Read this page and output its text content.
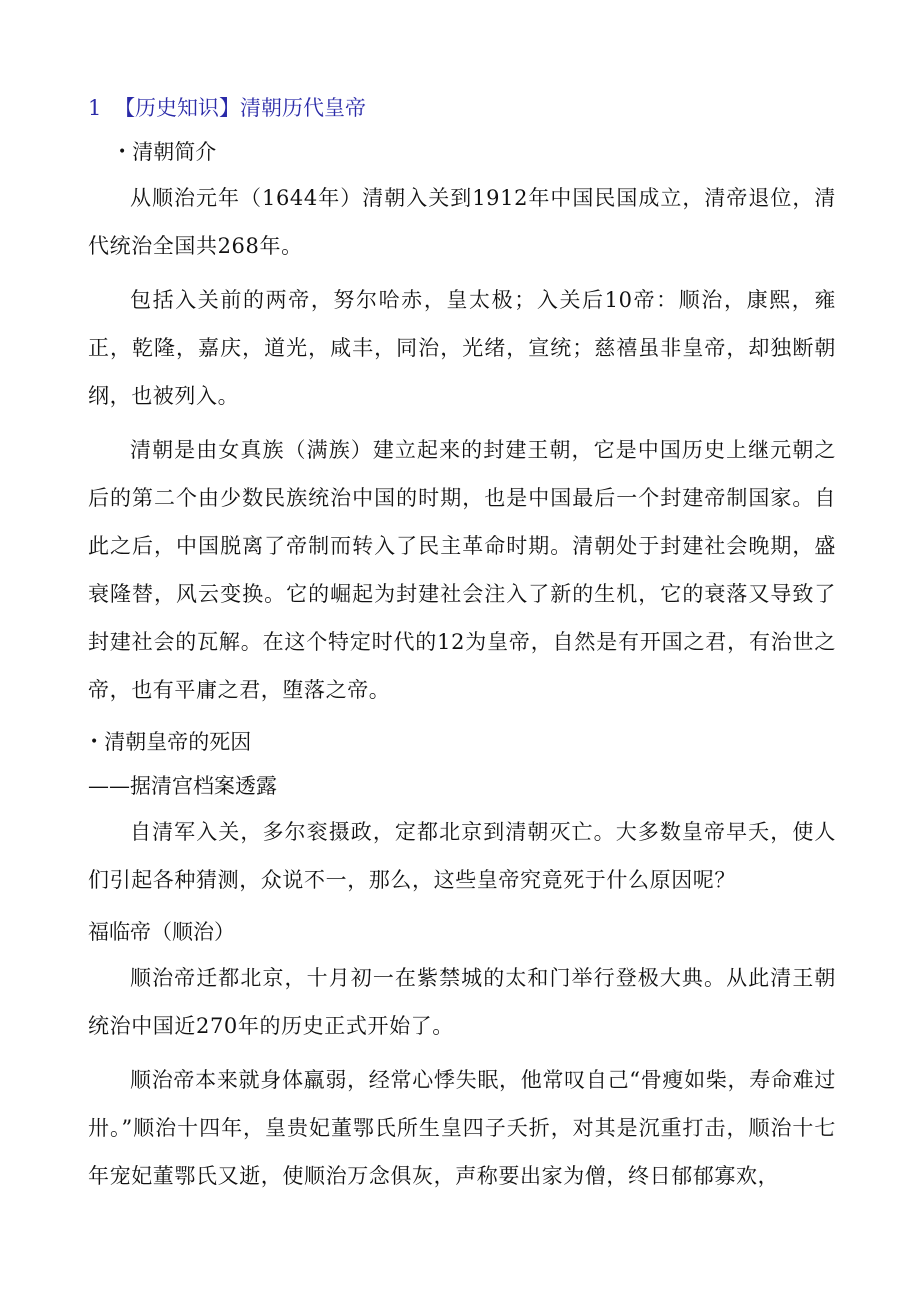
1 【历史知识】清朝历代皇帝
• 清朝简介

从顺治元年（1644年）清朝入关到1912年中国民国成立，清帝退位，清代统治全国共268年。

包括入关前的两帝，努尔哈赤，皇太极；入关后10帝：顺治，康熙，雍正，乾隆，嘉庆，道光，咸丰，同治，光绪，宣统；慈禧虽非皇帝，却独断朝纲，也被列入。

清朝是由女真族（满族）建立起来的封建王朝，它是中国历史上继元朝之后的第二个由少数民族统治中国的时期，也是中国最后一个封建帝制国家。自此之后，中国脱离了帝制而转入了民主革命时期。清朝处于封建社会晚期，盛衰隆替，风云变换。它的崛起为封建社会注入了新的生机，它的衰落又导致了封建社会的瓦解。在这个特定时代的12为皇帝，自然是有开国之君，有治世之帝，也有平庸之君，堕落之帝。

• 清朝皇帝的死因

——据清宫档案透露

自清军入关，多尔衮摄政，定都北京到清朝灭亡。大多数皇帝早夭，使人们引起各种猜测，众说不一，那么，这些皇帝究竟死于什么原因呢？

福临帝（顺治）

顺治帝迁都北京，十月初一在紫禁城的太和门举行登极大典。从此清王朝统治中国近270年的历史正式开始了。

顺治帝本来就身体羸弱，经常心悸失眠，他常叹自己“骨瘦如柴，寿命难过卅。”顺治十四年，皇贵妃董鄂氏所生皇四子夭折，对其是沉重打击，顺治十七年宠妃董鄂氏又逝，使顺治万念俱灰，声称要出家为僧，终日郁郁寡欢，
